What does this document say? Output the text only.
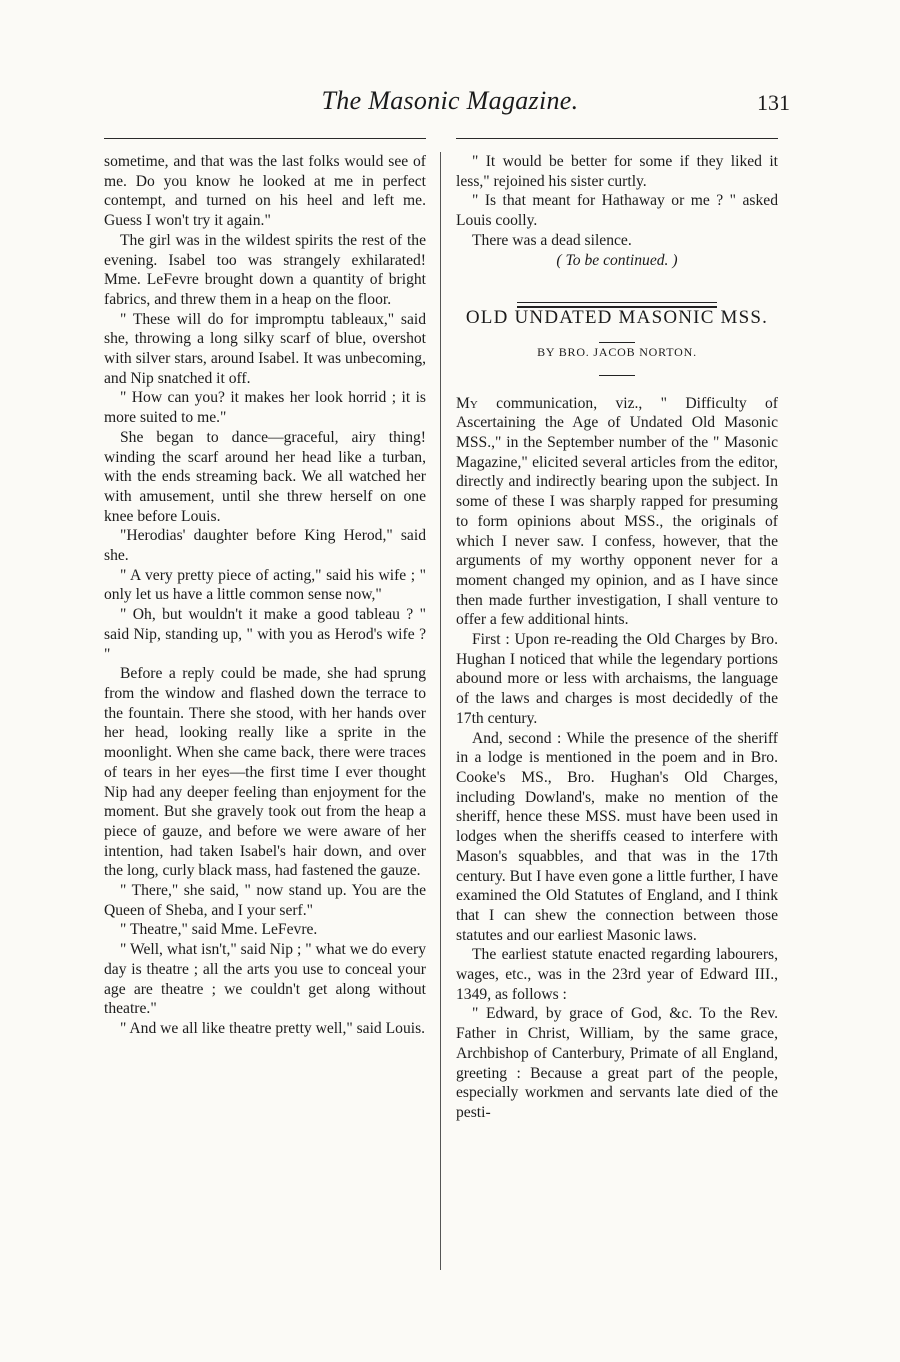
The Masonic Magazine.	131

sometime, and that was the last folks would see of me. Do you know he looked at me in perfect contempt, and turned on his heel and left me. Guess I won't try it again."

The girl was in the wildest spirits the rest of the evening. Isabel too was strangely exhilarated! Mme. LeFevre brought down a quantity of bright fabrics, and threw them in a heap on the floor.

" These will do for impromptu tableaux," said she, throwing a long silky scarf of blue, overshot with silver stars, around Isabel. It was unbecoming, and Nip snatched it off.

" How can you? it makes her look horrid ; it is more suited to me."

She began to dance—graceful, airy thing! winding the scarf around her head like a turban, with the ends streaming back. We all watched her with amusement, until she threw herself on one knee before Louis.

"Herodias' daughter before King Herod," said she.

" A very pretty piece of acting," said his wife ; " only let us have a little common sense now,"

" Oh, but wouldn't it make a good tableau ? " said Nip, standing up, " with you as Herod's wife ? "

Before a reply could be made, she had sprung from the window and flashed down the terrace to the fountain. There she stood, with her hands over her head, looking really like a sprite in the moonlight. When she came back, there were traces of tears in her eyes—the first time I ever thought Nip had any deeper feeling than enjoyment for the moment. But she gravely took out from the heap a piece of gauze, and before we were aware of her intention, had taken Isabel's hair down, and over the long, curly black mass, had fastened the gauze.

" There," she said, " now stand up. You are the Queen of Sheba, and I your serf."

" Theatre," said Mme. LeFevre.

" Well, what isn't," said Nip ; " what we do every day is theatre ; all the arts you use to conceal your age are theatre ; we couldn't get along without theatre."

" And we all like theatre pretty well," said Louis.

" It would be better for some if they liked it less," rejoined his sister curtly.

" Is that meant for Hathaway or me ? " asked Louis coolly.

There was a dead silence.

( To be continued. )

OLD UNDATED MASONIC MSS.

BY BRO. JACOB NORTON.

My communication, viz., " Difficulty of Ascertaining the Age of Undated Old Masonic MSS.," in the September number of the " Masonic Magazine," elicited several articles from the editor, directly and indirectly bearing upon the subject. In some of these I was sharply rapped for presuming to form opinions about MSS., the originals of which I never saw. I confess, however, that the arguments of my worthy opponent never for a moment changed my opinion, and as I have since then made further investigation, I shall venture to offer a few additional hints.

First : Upon re-reading the Old Charges by Bro. Hughan I noticed that while the legendary portions abound more or less with archaisms, the language of the laws and charges is most decidedly of the 17th century.

And, second : While the presence of the sheriff in a lodge is mentioned in the poem and in Bro. Cooke's MS., Bro. Hughan's Old Charges, including Dowland's, make no mention of the sheriff, hence these MSS. must have been used in lodges when the sheriffs ceased to interfere with Mason's squabbles, and that was in the 17th century. But I have even gone a little further, I have examined the Old Statutes of England, and I think that I can shew the connection between those statutes and our earliest Masonic laws.

The earliest statute enacted regarding labourers, wages, etc., was in the 23rd year of Edward III., 1349, as follows :

" Edward, by grace of God, &c. To the Rev. Father in Christ, William, by the same grace, Archbishop of Canterbury, Primate of all England, greeting : Because a great part of the people, especially workmen and servants late died of the pesti-
